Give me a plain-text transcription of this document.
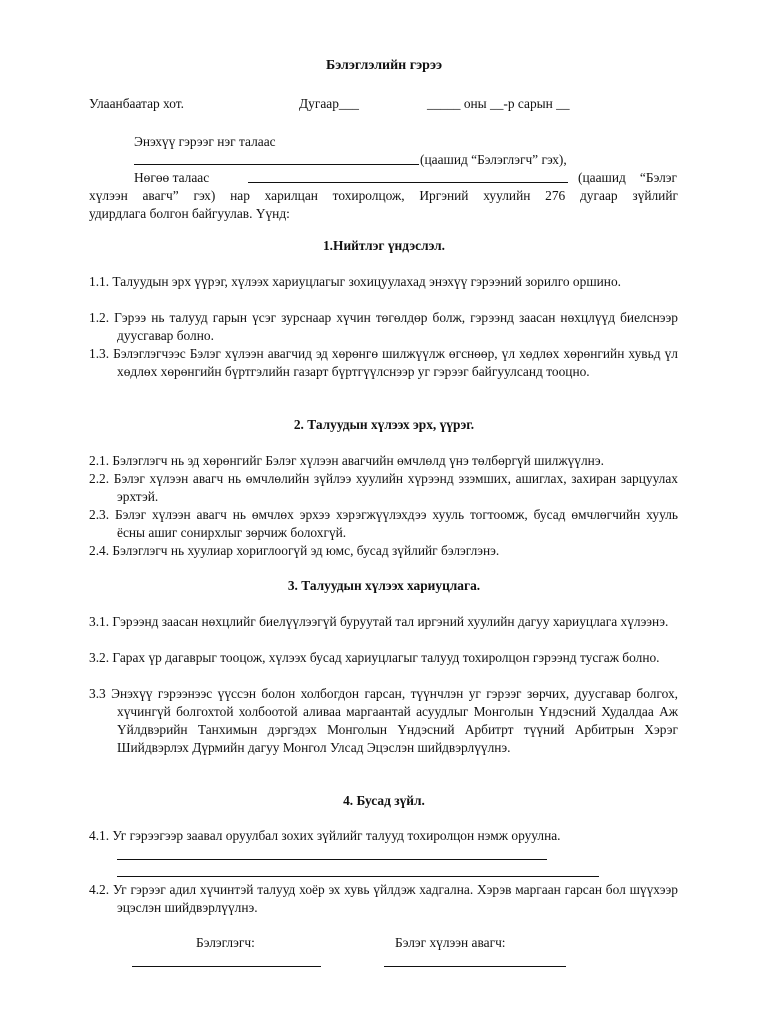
Бэлэглэлийн гэрээ
Улаанбаатар хот.	Дугаар___	_____ оны __-р сарын __
Энэхүү гэрээг нэг талаас
(цаашид “Бэлэглэгч” гэх),
Нөгөө талаас	(цаашид “Бэлэг
хүлээн авагч” гэх) нар харилцан тохиролцож, Иргэний хуулийн 276 дугаар зүйлийг
удирдлага болгон байгуулав. Үүнд:
1.Нийтлэг үндэслэл.
1.1. Талуудын эрх үүрэг, хүлээх хариуцлагыг зохицуулахад энэхүү гэрээний зорилго оршино.
1.2. Гэрээ нь талууд гарын үсэг зурснаар хүчин төгөлдөр болж, гэрээнд заасан нөхцлүүд биелснээр дуусгавар болно.
1.3. Бэлэглэгчээс Бэлэг хүлээн авагчид эд хөрөнгө шилжүүлж өгснөөр, үл хөдлөх хөрөнгийн хувьд үл хөдлөх хөрөнгийн бүртгэлийн газарт бүртгүүлснээр уг гэрээг байгуулсанд тооцно.
2. Талуудын хүлээх эрх, үүрэг.
2.1. Бэлэглэгч нь эд хөрөнгийг Бэлэг хүлээн авагчийн өмчлөлд үнэ төлбөргүй шилжүүлнэ.
2.2. Бэлэг хүлээн авагч нь өмчлөлийн зүйлээ хуулийн хүрээнд эзэмших, ашиглах, захиран зарцуулах эрхтэй.
2.3. Бэлэг хүлээн авагч нь өмчлөх эрхээ хэрэгжүүлэхдээ хууль тогтоомж, бусад өмчлөгчийн хууль ёсны ашиг сонирхлыг зөрчиж болохгүй.
2.4. Бэлэглэгч нь хуулиар хориглоогүй эд юмс, бусад зүйлийг бэлэглэнэ.
3. Талуудын хүлээх хариуцлага.
3.1. Гэрээнд заасан нөхцлийг биелүүлээгүй буруутай тал иргэний хуулийн дагуу хариуцлага хүлээнэ.
3.2. Гарах үр дагаврыг тооцож, хүлээх бусад хариуцлагыг талууд тохиролцон гэрээнд тусгаж болно.
3.3 Энэхүү гэрээнээс үүссэн болон холбогдон гарсан, түүнчлэн уг гэрээг зөрчих, дуусгавар болгох, хүчингүй болгохтой холбоотой аливаа маргаантай асуудлыг Монголын Үндэсний Худалдаа Аж Үйлдвэрийн Танхимын дэргэдэх Монголын Үндэсний Арбитрт түүний Арбитрын Хэрэг Шийдвэрлэх Дүрмийн дагуу Монгол Улсад Эцэслэн шийдвэрлүүлнэ.
4. Бусад зүйл.
4.1. Уг гэрээгээр заавал оруулбал зохих зүйлийг талууд тохиролцон нэмж оруулна.
4.2. Уг гэрээг адил хүчинтэй талууд хоёр эх хувь үйлдэж хадгална. Хэрэв маргаан гарсан бол шүүхээр эцэслэн шийдвэрлүүлнэ.
Бэлэглэгч:	Бэлэг хүлээн авагч:
